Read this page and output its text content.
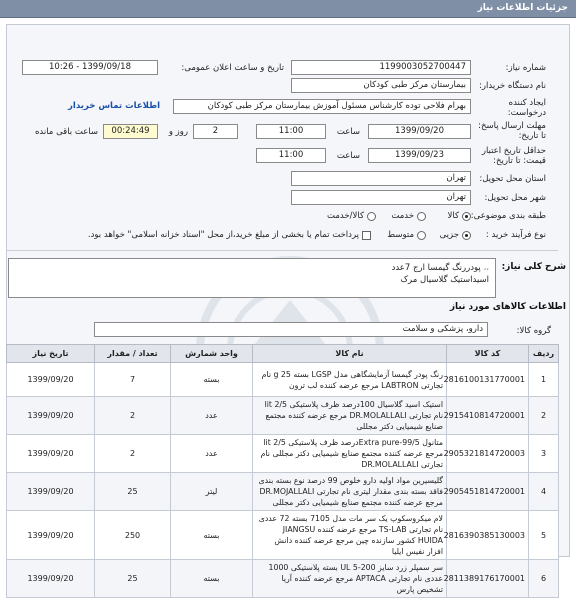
جزئیات اطلاعات نیاز
شماره نیاز:
1199003052700447
تاریخ و ساعت اعلان عمومی:
1399/09/18 - 10:26
نام دستگاه خریدار:
بیمارستان مرکز طبی کودکان
ایجاد کننده درخواست:
بهرام فلاحی توده کارشناس مسئول آموزش بیمارستان مرکز طبی کودکان
اطلاعات تماس خریدار
مهلت ارسال پاسخ: تا تاریخ:
1399/09/20
ساعت
11:00
2
روز و
00:24:49
ساعت باقی مانده
حداقل تاریخ اعتبار قیمت: تا تاریخ:
1399/09/23
ساعت
11:00
استان محل تحویل:
تهران
شهر محل تحویل:
تهران
طبقه بندی موضوعی:
کالا
خدمت
کالا/خدمت
نوع فرآیند خرید :
جزیی
متوسط
پرداخت تمام یا بخشی از مبلغ خرید،از محل "اسناد خزانه اسلامی" خواهد بود.
شرح کلی نیاز:
،، پودررنگ گیمسا ارج 7عدد
اسیداستیک گلاسیال مرک
اطلاعات کالاهای مورد نیاز
گروه کالا:
دارو، پزشکی و سلامت
ردیف	کد کالا	نام کالا	واحد شمارش	تعداد / مقدار	تاریخ نیاز
1	2816100131770001	رنگ پودر گیمسا آزمایشگاهی مدل LGSP بسته 25 g نام تجارتی LABTRON مرجع عرضه کننده لب ترون	بسته	7	1399/09/20
2	2915410814720001	استیک اسید گلاسیال 100درصد ظرف پلاستیکی lit 2/5 نام تجارتی DR.MOLALLALI مرجع عرضه کننده مجتمع صنایع شیمیایی دکتر مجللی	عدد	2	1399/09/20
3	2905321814720003	متانول Extra pure-99/5درصد ظرف پلاستیکی lit 2/5 مرجع عرضه کننده مجتمع صنایع شیمیایی دکتر مجللی نام تجارتی DR.MOLALLALI	عدد	2	1399/09/20
4	2905451814720001	گلیسیرین مواد اولیه دارو خلوص 99 درصد نوع بسته بندی فاقد بسته بندی مقدار لیتری نام تجارتی DR.MOJALLALI مرجع عرضه کننده مجتمع صنایع شیمیایی دکتر مجللی	لیتر	25	1399/09/20
5	2816390385130003	لام میکروسکوپ یک سر مات مدل 7105 بسته 72 عددی نام تجارتی TS-LAB مرجع عرضه کننده JIANGSU HUIDA کشور سازنده چین مرجع عرضه کننده دانش افزار نفیس ایلیا	بسته	250	1399/09/20
6	2811389176170001	سر سمپلر زرد سایز 200-5 UL بسته پلاستیکی 1000 عددی نام تجارتی APTACA مرجع عرضه کننده آریا تشخیص پارس	بسته	25	1399/09/20
